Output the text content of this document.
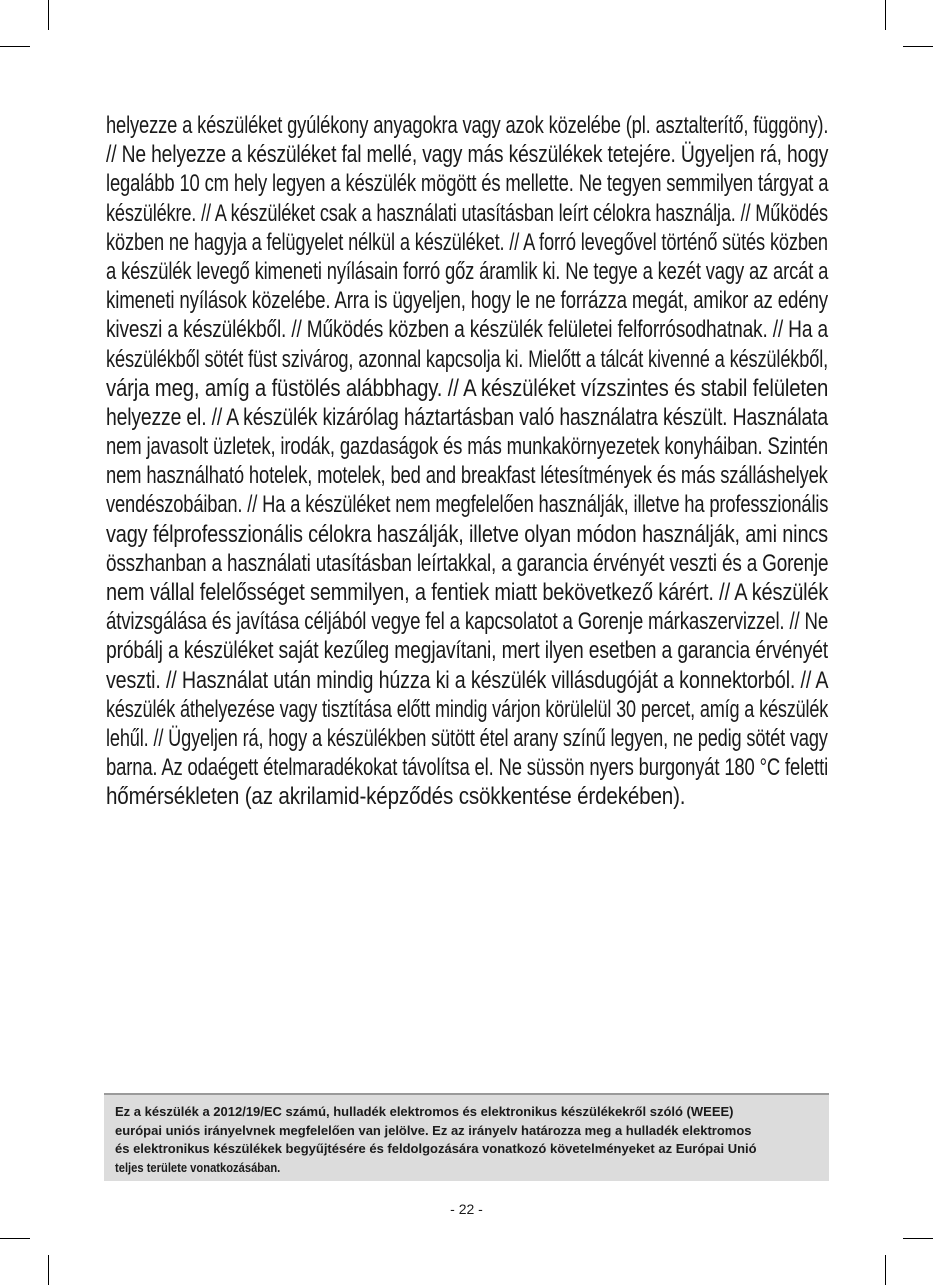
helyezze a készüléket gyúlékony anyagokra vagy azok közelébe (pl. asztalterítő, függöny).
// Ne helyezze a készüléket fal mellé, vagy más készülékek tetejére. Ügyeljen rá, hogy
legalább 10 cm hely legyen a készülék mögött és mellette. Ne tegyen semmilyen tárgyat a
készülékre. // A készüléket csak a használati utasításban leírt célokra használja. // Működés
közben ne hagyja a felügyelet nélkül a készüléket. // A forró levegővel történő sütés közben
a készülék levegő kimeneti nyílásain forró gőz áramlik ki. Ne tegye a kezét vagy az arcát a
kimeneti nyílások közelébe. Arra is ügyeljen, hogy le ne forrázza megát, amikor az edény
kiveszi a készülékből. // Működés közben a készülék felületei felforrósodhatnak. // Ha a
készülékből sötét füst szivárog, azonnal kapcsolja ki. Mielőtt a tálcát kivenné a készülékből,
várja meg, amíg a füstölés alábbhagy. // A készüléket vízszintes és stabil felületen
helyezze el. // A készülék kizárólag háztartásban való használatra készült. Használata
nem javasolt üzletek, irodák, gazdaságok és más munkakörnyezetek konyháiban. Szintén
nem használható hotelek, motelek, bed and breakfast létesítmények és más szálláshelyek
vendészobáiban. // Ha a készüléket nem megfelelően használják, illetve ha professzionális
vagy félprofesszionális célokra haszálják, illetve olyan módon használják, ami nincs
összhanban a használati utasításban leírtakkal, a garancia érvényét veszti és a Gorenje
nem vállal felelősséget semmilyen, a fentiek miatt bekövetkező kárért. // A készülék
átvizsgálása és javítása céljából vegye fel a kapcsolatot a Gorenje márkaszervizzel. // Ne
próbálj a készüléket saját kezűleg megjavítani, mert ilyen esetben a garancia érvényét
veszti. // Használat után mindig húzza ki a készülék villásdugóját a konnektorból. // A
készülék áthelyezése vagy tisztítása előtt mindig várjon körülelül 30 percet, amíg a készülék
lehűl. // Ügyeljen rá, hogy a készülékben sütött étel arany színű legyen, ne pedig sötét vagy
barna. Az odaégett ételmaradékokat távolítsa el. Ne süssön nyers burgonyát 180 °C feletti
hőmérsékleten (az akrilamid-képződés csökkentése érdekében).
Ez a készülék a 2012/19/EC számú, hulladék elektromos és elektronikus készülékekről szóló (WEEE)
európai uniós irányelvnek megfelelően van jelölve. Ez az irányelv határozza meg a hulladék elektromos
és elektronikus készülékek begyűjtésére és feldolgozására vonatkozó követelményeket az Európai Unió
teljes területe vonatkozásában.
- 22 -
